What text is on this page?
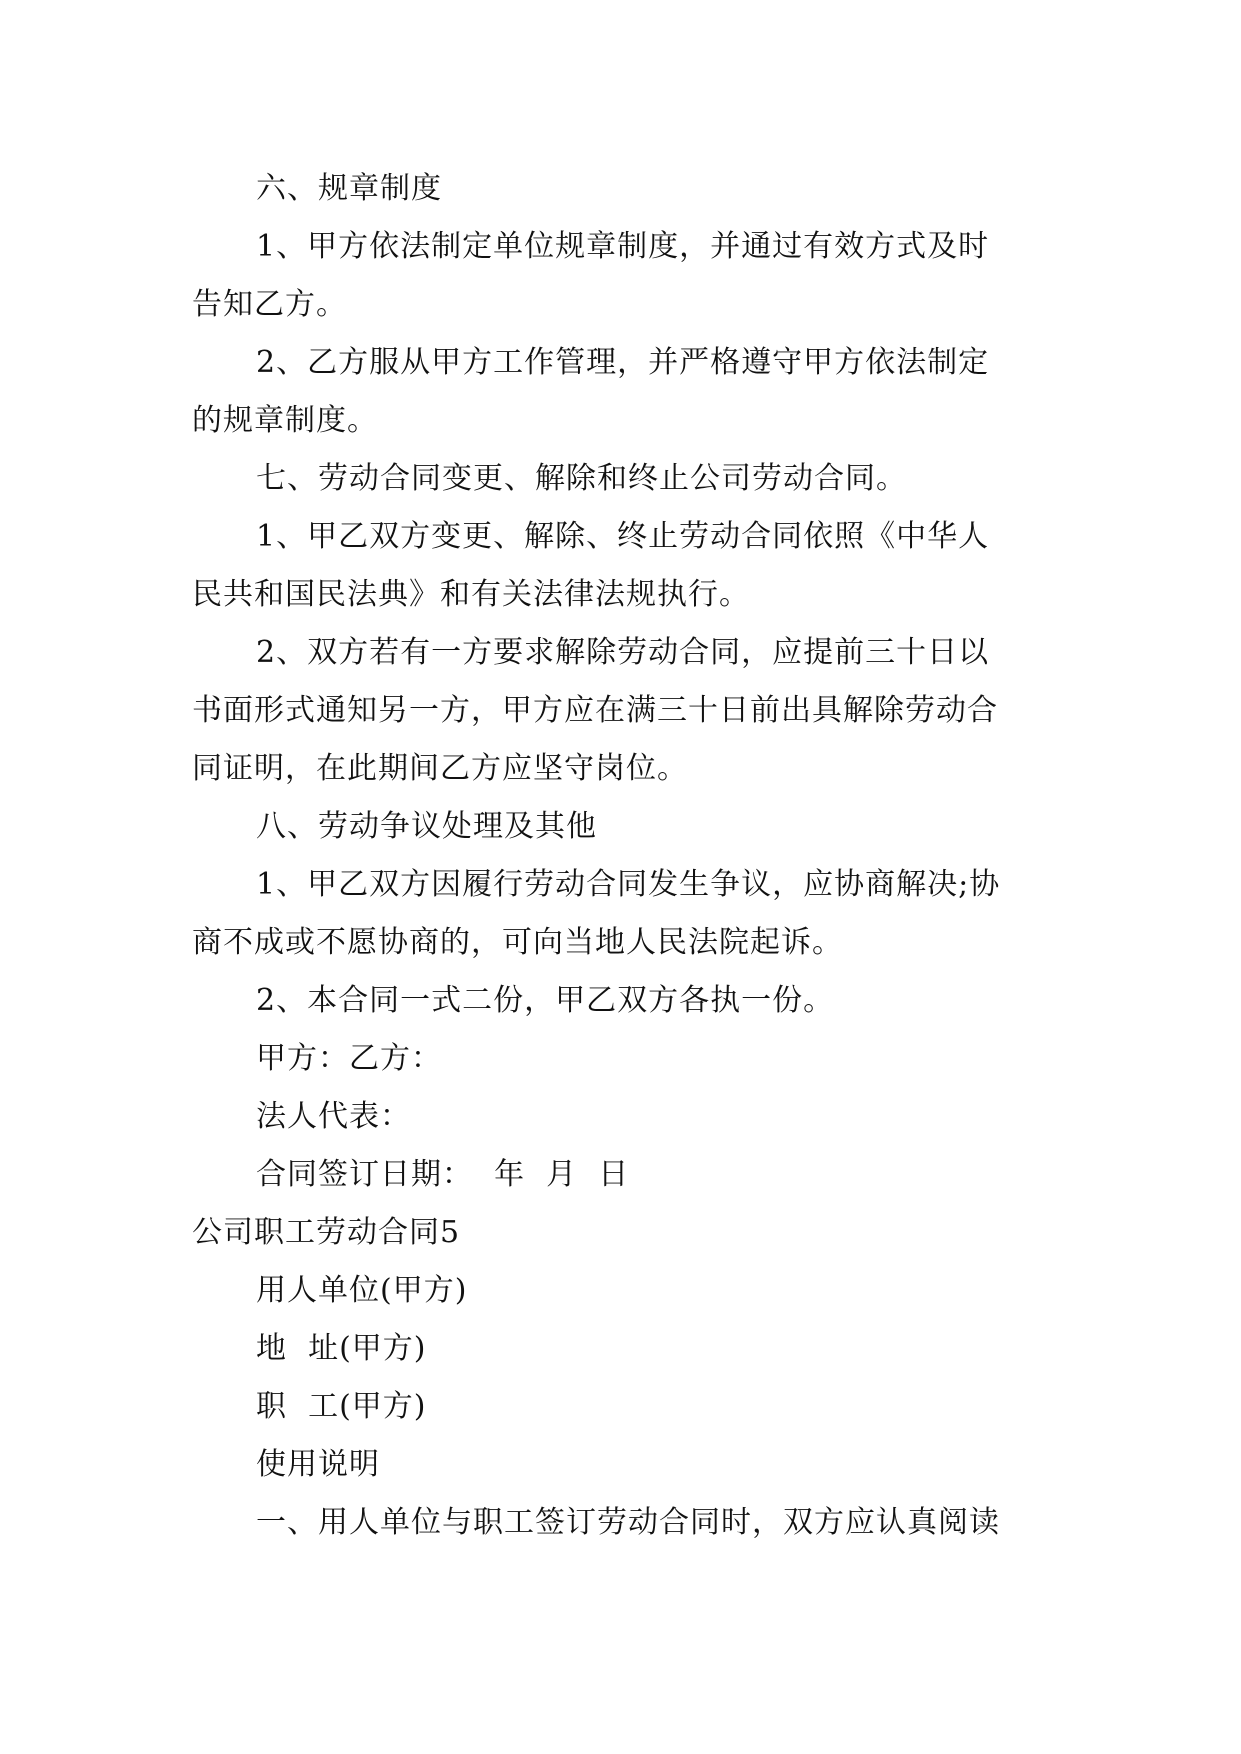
六、规章制度

1、甲方依法制定单位规章制度，并通过有效方式及时
告知乙方。

2、乙方服从甲方工作管理，并严格遵守甲方依法制定
的规章制度。

七、劳动合同变更、解除和终止公司劳动合同。

1、甲乙双方变更、解除、终止劳动合同依照《中华人
民共和国民法典》和有关法律法规执行。

2、双方若有一方要求解除劳动合同，应提前三十日以
书面形式通知另一方，甲方应在满三十日前出具解除劳动合
同证明，在此期间乙方应坚守岗位。

八、劳动争议处理及其他

1、甲乙双方因履行劳动合同发生争议，应协商解决;协
商不成或不愿协商的，可向当地人民法院起诉。

2、本合同一式二份，甲乙双方各执一份。

甲方：乙方：

法人代表：

合同签订日期：  年  月  日

公司职工劳动合同5

用人单位(甲方)

地  址(甲方)

职  工(甲方)

使用说明

一、用人单位与职工签订劳动合同时，双方应认真阅读
